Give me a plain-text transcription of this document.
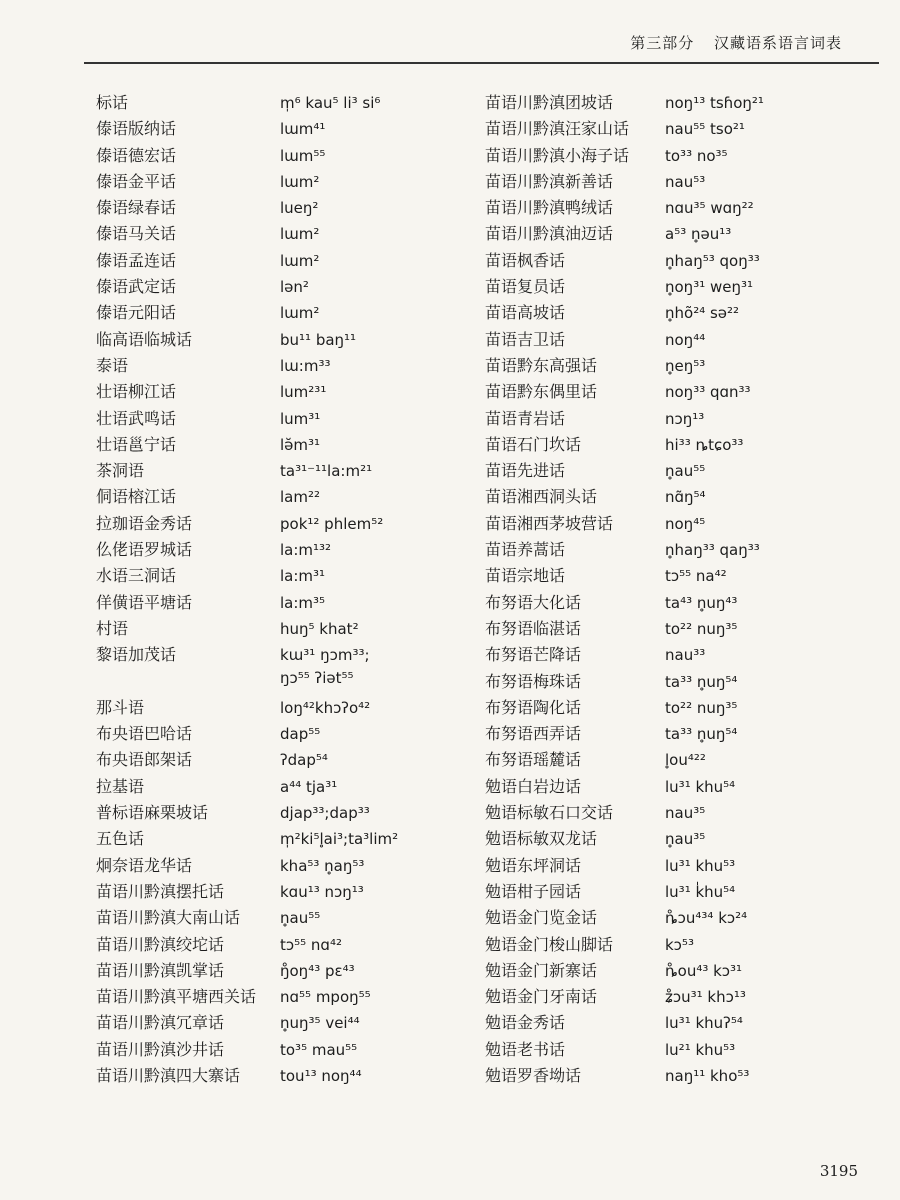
第三部分 汉藏语系语言词表
标话	m̩⁶ kau⁵ li³ si⁶
傣语版纳话	lɯm⁴¹
傣语德宏话	lɯm⁵⁵
傣语金平话	lɯm²
傣语绿春话	lueŋ²
傣语马关话	lɯm²
傣语孟连话	lɯm²
傣语武定话	lən²
傣语元阳话	lɯm²
临高语临城话	bu¹¹ baŋ¹¹
泰语	lɯ:m³³
壮语柳江话	lum²³¹
壮语武鸣话	lum³¹
壮语邕宁话	lə̆m³¹
茶洞语	ta³¹⁻¹¹la:m²¹
侗语榕江话	lam²²
拉珈语金秀话	pok¹² phlem⁵²
仫佬语罗城话	la:m¹³²
水语三洞话	la:m³¹
佯僙语平塘话	la:m³⁵
村语	huŋ⁵ khat²
黎语加茂话	kɯ³¹ ŋɔm³³;
ŋɔ⁵⁵ ʔiət⁵⁵
那斗语	loŋ⁴²khɔʔo⁴²
布央语巴哈话	dap⁵⁵
布央语郎架话	ʔdap⁵⁴
拉基语	a⁴⁴ tja³¹
普标语麻栗坡话	djap³³;dap³³
五色话	m̩²ki⁵l̥ai³;ta³lim²
炯奈语龙华话	kha⁵³ n̥aŋ⁵³
苗语川黔滇摆托话	kɑu¹³ nɔŋ¹³
苗语川黔滇大南山话	n̥au⁵⁵
苗语川黔滇绞坨话	tɔ⁵⁵ nɑ⁴²
苗语川黔滇凯掌话	ŋ̊oŋ⁴³ pɛ⁴³
苗语川黔滇平塘西关话	nɑ⁵⁵ mpoŋ⁵⁵
苗语川黔滇冗章话	n̥uŋ³⁵ vei⁴⁴
苗语川黔滇沙井话	to³⁵ mau⁵⁵
苗语川黔滇四大寨话	tou¹³ noŋ⁴⁴
苗语川黔滇团坡话	noŋ¹³ tsɦoŋ²¹
苗语川黔滇汪家山话	nau⁵⁵ tso²¹
苗语川黔滇小海子话	to³³ no³⁵
苗语川黔滇新善话	nau⁵³
苗语川黔滇鸭绒话	nɑu³⁵ wɑŋ²²
苗语川黔滇油迈话	a⁵³ n̥əu¹³
苗语枫香话	n̥haŋ⁵³ qoŋ³³
苗语复员话	n̥oŋ³¹ weŋ³¹
苗语高坡话	n̥hõ²⁴ sə²²
苗语吉卫话	noŋ⁴⁴
苗语黔东高强话	n̥eŋ⁵³
苗语黔东偶里话	noŋ³³ qɑn³³
苗语青岩话	nɔŋ¹³
苗语石门坎话	hi³³ ȵtɕo³³
苗语先进话	n̥au⁵⁵
苗语湘西洞头话	nɑ̃ŋ⁵⁴
苗语湘西茅坡营话	noŋ⁴⁵
苗语养蒿话	n̥haŋ³³ qaŋ³³
苗语宗地话	tɔ⁵⁵ na⁴²
布努语大化话	ta⁴³ n̥uŋ⁴³
布努语临湛话	to²² nuŋ³⁵
布努语芒降话	nau³³
布努语梅珠话	ta³³ n̥uŋ⁵⁴
布努语陶化话	to²² nuŋ³⁵
布努语西弄话	ta³³ n̥uŋ⁵⁴
布努语瑶麓话	l̥ou⁴²²
勉语白岩边话	lu³¹ khu⁵⁴
勉语标敏石口交话	nau³⁵
勉语标敏双龙话	n̥au³⁵
勉语东坪洞话	lu³¹ khu⁵³
勉语柑子园话	lu³¹ k̍hu⁵⁴
勉语金门览金话	ȵ̊ɔu⁴³⁴ kɔ²⁴
勉语金门梭山脚话	kɔ⁵³
勉语金门新寨话	ȵ̊ou⁴³ kɔ³¹
勉语金门牙南话	ʑ̊ɔu³¹ khɔ¹³
勉语金秀话	lu³¹ khuʔ⁵⁴
勉语老书话	lu²¹ khu⁵³
勉语罗香坳话	naŋ¹¹ kho⁵³
3195
